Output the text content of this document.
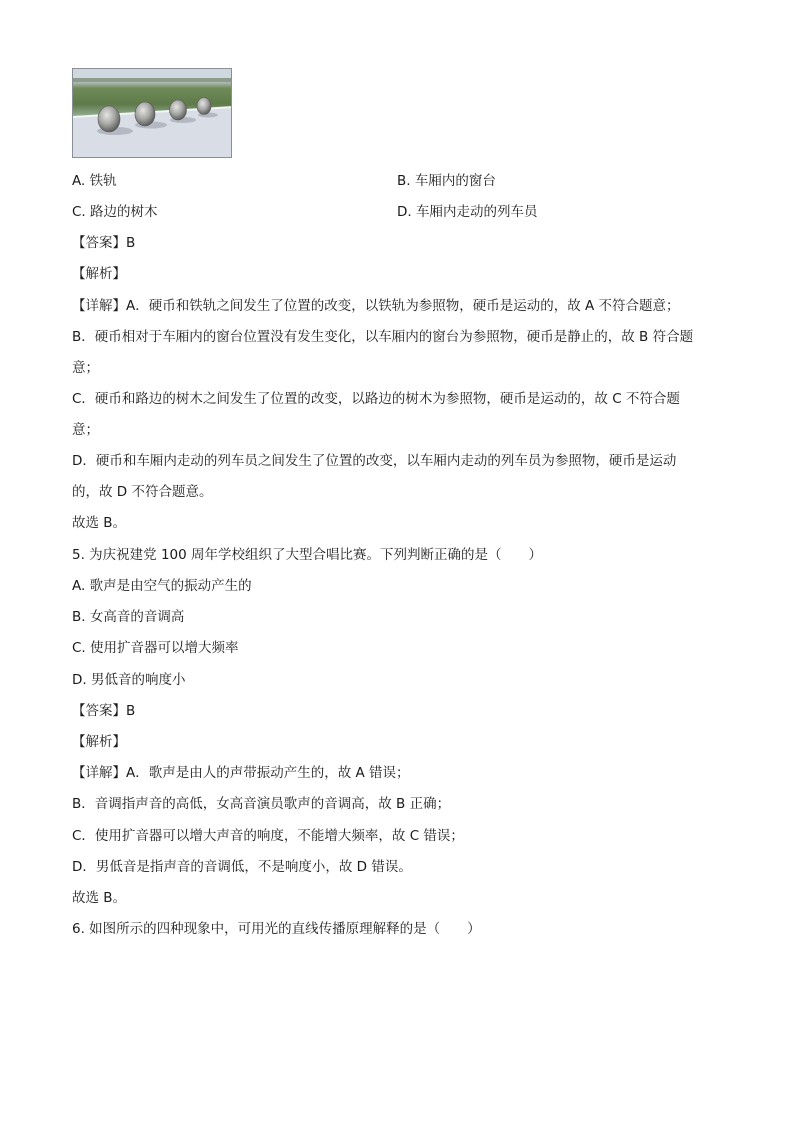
A. 铁轨	B. 车厢内的窗台
C. 路边的树木	D. 车厢内走动的列车员
【答案】B
【解析】
【详解】A．硬币和铁轨之间发生了位置的改变，以铁轨为参照物，硬币是运动的，故 A 不符合题意；
B．硬币相对于车厢内的窗台位置没有发生变化，以车厢内的窗台为参照物，硬币是静止的，故 B 符合题
意；
C．硬币和路边的树木之间发生了位置的改变，以路边的树木为参照物，硬币是运动的，故 C 不符合题
意；
D．硬币和车厢内走动的列车员之间发生了位置的改变，以车厢内走动的列车员为参照物，硬币是运动
的，故 D 不符合题意。
故选 B。
5. 为庆祝建党 100 周年学校组织了大型合唱比赛。下列判断正确的是（　　）
A. 歌声是由空气的振动产生的
B. 女高音的音调高
C. 使用扩音器可以增大频率
D. 男低音的响度小
【答案】B
【解析】
【详解】A．歌声是由人的声带振动产生的，故 A 错误；
B．音调指声音的高低，女高音演员歌声的音调高，故 B 正确；
C．使用扩音器可以增大声音的响度，不能增大频率，故 C 错误；
D．男低音是指声音的音调低，不是响度小，故 D 错误。
故选 B。
6. 如图所示的四种现象中，可用光的直线传播原理解释的是（　　）
